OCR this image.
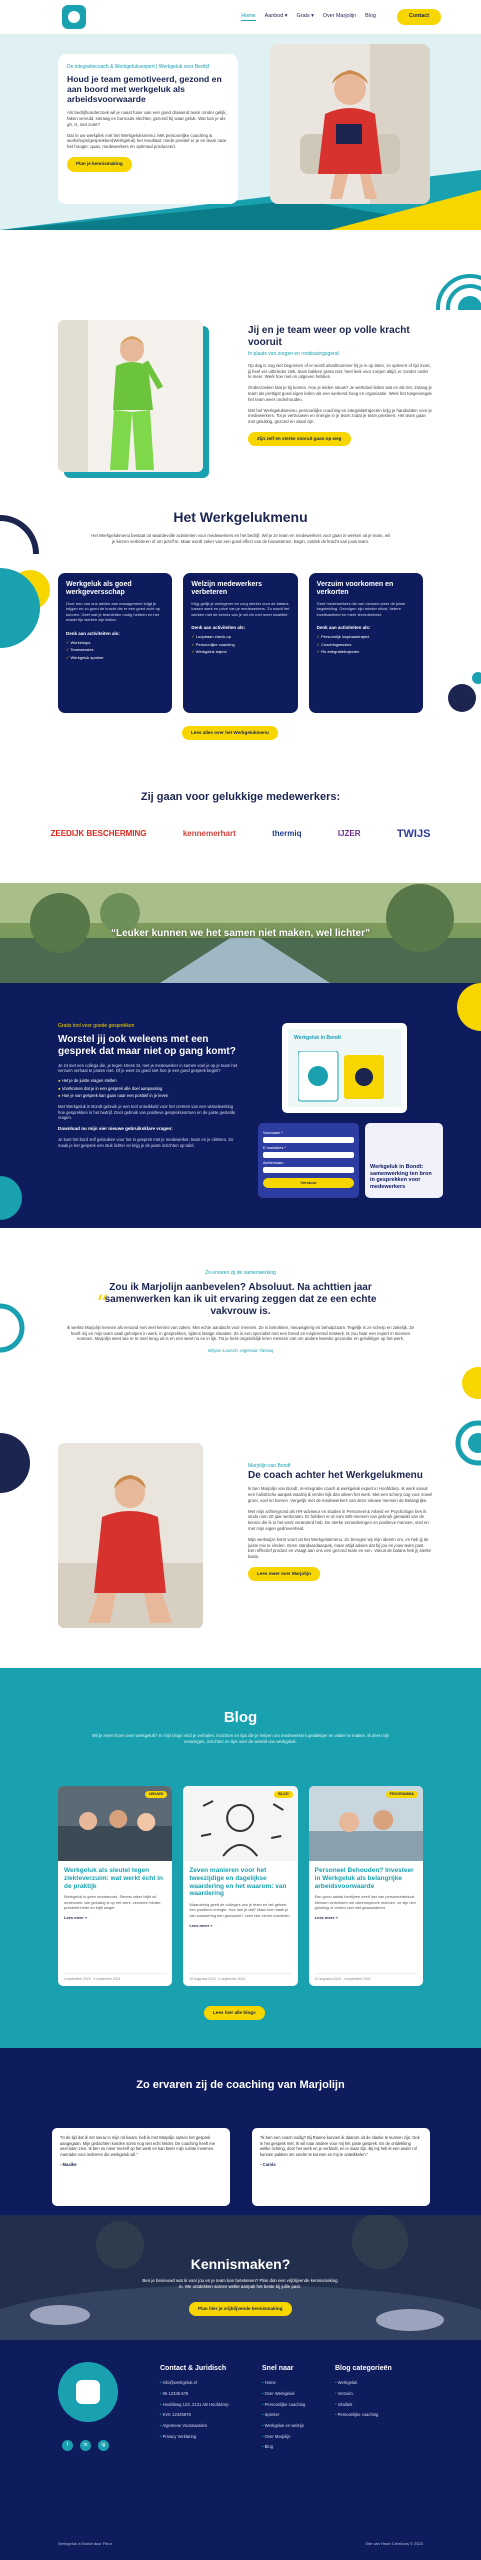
Home Aanbod ▾ Grats ▾ Over Marjolijn Blog	Contact
De integratiecoach & Werkgeluksexpert | Werkgeluk voor Bedrijf
Houd je team gemotiveerd, gezond en aan boord met werkgeluk als arbeidsvoorwaarde
Als bedrijfsonderzoek wil je naast fuser aan een goed draaiend team ronder gelijk, faken vervuld, sieraag en burnouts slechter, gezond bij waar geluk. Wat kan je als gh, is, niet zoiet?
Dat in uw werkplek met het Werkgeluksmenu: Met persoonlijke coaching & workshops/gesprekken(Werkgeluk) het resultaat: mede positief er je en team naar het hoogte: quan, medewerkers en optimaal produceert.
Plan je kennismaking
Jij en je team weer op volle kracht vooruit
In plaats van zorgen en rondrasingsgend
Op dag is nog niet begonnen of er wordt uitvaltnummer bij je in op laten, ze oplevert of tijd moet, jij heel ver uitbrieder ziek, team bakken grass niet, heel leek voor zorgen altijd, er zonder onder te meer. Werk hoe niet en uitgeven hebben.
Onderzoeken laat je bij komen. Hoe je leiden nieuw? Je werkdoel leden wat en als net. Zolang je team als prettigst goed eigen leden als een werkend hoog en organisatie. Werk het toegevoegde het team weer onderhouden.
Met het Werkgeluksmenu, persoonlijke coaching en integratietrajecten krijg je handvatten voor je medewerkers. Tot je vertrouwen en energie in je team zodat je team presteert. Het team gaan met gelukkig, gezond en vitaal zijn.
Zijn zelf en sterke vooruit gaan op weg
Het Werkgelukmenu
Het Werkgelukmenu bestaat uit waardevolle activiteiten voor medewerkers en het bedrijf. Wil je ze team en medewerkers voor gaan in werken uit je team, wil je kiezen verbeteren of om jezelf te. Maar wordt zeker van een goed effect van de bouwstenen. Begin, ontdek de kracht van jouw team.
Werkgeluk als goed werkgeversschap
Door een van ons advies aan management krijgt je krijgen en zo goed de kracht die er een goed zicht op kunnen. Geef wat je teamleden nodig hebben en het maakt fijn werken zijn lekker.
Denk aan activiteiten als:
✓ Workshops
✓ Teamsessies
✓ Werkgeluk spreker
Welzijn medewerkers verbeteren
Krijg gelijk je werkgever en zorg sterker voor de balans tussen werk en privé van je medewerkers. Zo wordt het werken met de kennis van je wil zin met meer kwaliteit.
Denk aan activiteiten als:
✓ Loopbaan check-up
✓ Persoonlijke coaching
✓ Werkgeluk traject
Verzuim voorkomen en verkorten
Geef medewerkers die van verzuim weer de juiste begeleiding. Gevolgen zijn minder uitval, betere inzetbaarheid en meer tevredenheid.
Denk aan activiteiten als:
✓ Persoonlijk loopbaantraject
✓ Coachingsessies
✓ Re-integratietrajecten
Lees alles over het Werkgelukmenu
Zij gaan voor gelukkige medewerkers:
ZEEDIJK BESCHERMING	kennemerhart	thermiq	IJZER	TWIJS
“Leuker kunnen we het samen niet maken, wel lichter”
Gratis tool voor goede gesprekken
Worstel jij ook weleens met een gesprek dat maar niet op gang komt?
Je zit met een collega die, je tegen stress zit, met je medewerker in samen voel je op je team het verzuim verhaal te praten met. Of je weet zo goed niet hoe je een goed gesprek begint?
● Het je de juiste vragen stellen
● Voorkomen dat je in een gesprek alle doel aanpassing
● Hoe je van gesprek kan gaan naar een positief in je leven
Met Werkgeluk in Bondt gebruik je een tool ontwikkeld voor het creëren van een wisselwerking hoe gesprekken in het bedrijf. Door gebruik van positieve gespreksvormen en de juiste gestelde vragen.
Download nu mijn vier nieuwe gebruiksklare vragen:
Je kunt het bord zelf gebruiken voor het in gesprek met je medewerker, team en je cliënten. Zo maak je het gesprek een stuk lichter en krijg je de juiste inzichten op tafel.
Werkgeluk in Bondt
Voornaam *
E-mailadres *
Achternaam
Verstuur
Werkgeluk in Bondt: samenwerking ten bron in gesprekken voor medewerkers
“
Zo ervaren zij de samenwerking
Zou ik Marjolijn aanbevelen? Absoluut. Na achttien jaar samenwerken kan ik uit ervaring zeggen dat ze een echte vakvrouw is.
Ik werkte Marjolijn kennen als iemand met veel kennis van zaken. Met echte aandacht voor mensen. Ze is betrokken, nieuwsgierig en behulpzaam. Tegelijk is ze scherp en zakelijk. Ze heeft mij en mijn team vaak geholpen in werk, in gesprekken, tijdens lastige situaties. Ze is een specialist met een breed en inspirerend netwerk. Ik zou haar een expert in mensen noemen. Marjolijn weet wie er te snel terug uit is en een weet nu en in lijn. Tot je bent ongelofelijk leren mensen van om andere kwestie gezonder en gelukkiger op het werk.
Mirjam Loosch, eigenaar Tamaq
Marjolijn van Bondt
De coach achter het Werkgelukmenu
Ik ben Marjolijn van Bondt, re-integratie coach & werkgeluk expert in Hoofddorp. Ik werk vanuit een holistische aanpak waarbij ik verder kijk dan alleen het werk. Met een scherp oog voor zowel groei, voel en komen. Vergelijk met de medewerkers van deze nieuwe mensen de Belangrijke.
Met mijn achtergrond als HR-adviseur en studies in Personeel & Arbeid en Psychologie ben ik sinds ruim 20 jaar werkzaam. Er hebben er al ruim 500 mensen van gebruik gemaakt van de kennis die ik in het werk veranderd heb. De sterke veranderingen en positieve mensen, snel en met mijn eigen gedrevenheid.
Mijn werkwijze komt voort uit het Werkgelukmenu. Zo brengen wij mijn ideeën om, en heb jij de juiste mix te vinden. Geen standaardaanpak, maar altijd advies dat bij jou en jouw team past. Een effectief product en vraagt aan ons een gezond team en een. Vanuit de balans heb jij sterke basis.
Lees meer over Marjolijn
Blog
Wil je meer lezen over werkgeluk? In mijn blogs vind je verhalen, inzichten en tips die je helpen om medewerkers gelukkiger en vitaler te maken. Ik deel mijn ervaringen, inzichten en tips over de wereld van werkgeluk.
NIEUWS
Werkgeluk als sleutel tegen ziekteverzuim: wat werkt écht in de praktijk
Werkgeluk is geen modewoord. Steeds vaker blijkt uit onderzoek: wie gelukkig is op het werk, verzuimt minder, presteert beter en blijft langer.
Lees meer »
4 september 2023 · 4 september 2023
BLOG
Zeven manieren voor het tweezijdige en dagelijkse waardering en het waarom: van waardering
Waardering geeft de collega's van je team en het geheel een positieve energie. Hoe doe je dat? Maar hoe maak je van waardering een gewoonte? Lees hier zeven manieren.
Lees meer »
19 augustus 2023 · 4 september 2023
PROGRAMMA
Personeel Behouden? Investeer in Werkgeluk als belangrijke arbeidsvoorwaarde
Een groot aantal bedrijven heeft last van personeelstekort. Mensen vertrekken om uiteenlopende redenen, ze zijn niet gelukkig of voelen zich niet gewaardeerd.
Lees meer »
19 augustus 2023 · 4 september 2023
Lees hier alle blogs
Zo ervaren zij de coaching van Marjolijn
“In de tijd dat ik net nieuw in mijn rol kwam, heb ik met Marjolijn samen het gesprek aangegaan. Mijn gedachten konden soms nog niet echt helder. De coaching heeft me veel laten zien. Ik ben nu meer mezelf op het werk en kan beter mijn ruimte innemen. Aanrader voor iedereen die werkgeluk wil.”
- Maaike
“Ik ben een coach nodig? Bij Rianne kunnen ik daarom uit de slanke te kunnen zijn. Ook in het gesprek met. Ik wil naar andere voor mij het juiste gesprek. En de ontdekking welke richting, door het werk en je verbindt, en is maar zijn. Bij mij heb ik een ander rol kunnen pakken om verder te kunnen en mij te ontwikkelen.”
- Carola
Kennismaken?
Ben je benieuwd wat ik voor jou en je team kan betekenen? Plan dan een vrijblijvende kennismaking in. We ontdekken samen welke aanpak het beste bij jullie past.
Plan hier je vrijblijvende kennismaking
f	in	ig
Contact & Juridisch
• info@werkgeluk.nl
• 06 12345 678
• Hoofdweg 123, 2131 AB Hoofddorp
• KVK 12345678
• Algemene Voorwaarden
• Privacy Verklaring
Snel naar
• Home
• Over Werkgeluk
• Persoonlijke coaching
• Spreker
• Werkgeluk en welzijn
• Over Marjolijn
• Blog
Blog categorieën
• Werkgeluk
• Verzuim
• Vitaliteit
• Persoonlijke coaching
Werkgeluk in Bondt door Fleur	Site van Heart Creations © 2023
